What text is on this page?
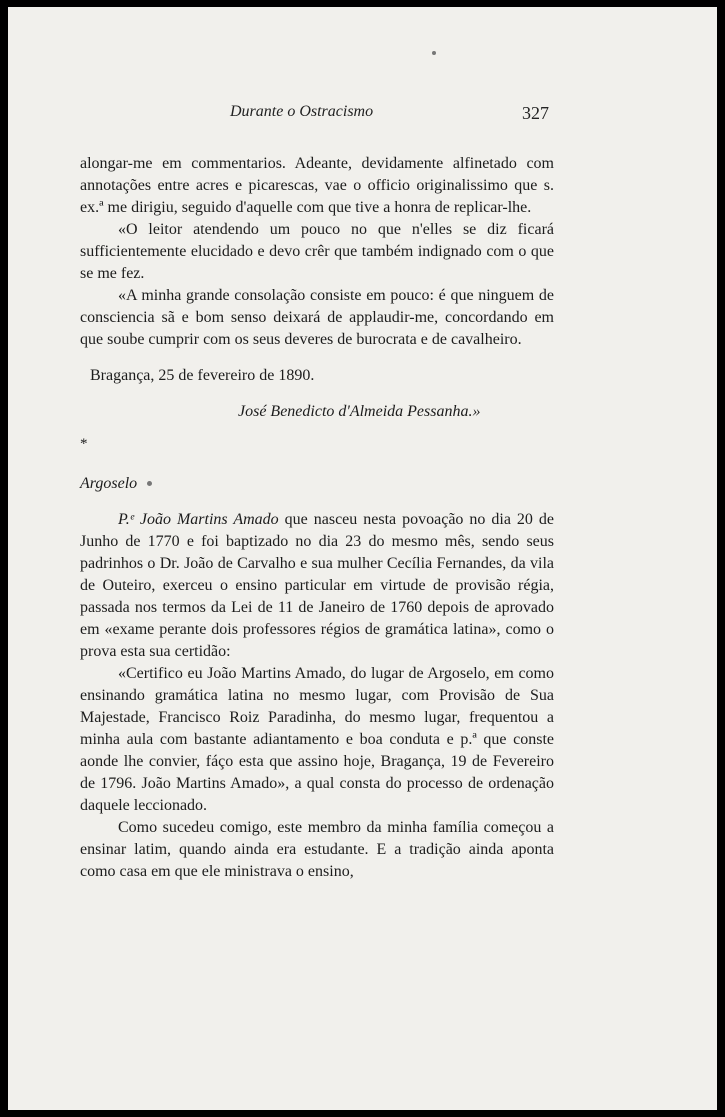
Durante o Ostracismo	327

alongar-me em commentarios. Adeante, devidamente alfinetado com annotações entre acres e picarescas, vae o officio originalissimo que s. ex.ª me dirigiu, seguido d'aquelle com que tive a honra de replicar-lhe.

«O leitor atendendo um pouco no que n'elles se diz ficará sufficientemente elucidado e devo crêr que também indignado com o que se me fez.

«A minha grande consolação consiste em pouco: é que ninguem de consciencia sã e bom senso deixará de applaudir-me, concordando em que soube cumprir com os seus deveres de burocrata e de cavalheiro.

Bragança, 25 de fevereiro de 1890.

José Benedicto d'Almeida Pessanha.»

*

Argoselo

P.ᵉ João Martins Amado que nasceu nesta povoação no dia 20 de Junho de 1770 e foi baptizado no dia 23 do mesmo mês, sendo seus padrinhos o Dr. João de Carvalho e sua mulher Cecília Fernandes, da vila de Outeiro, exerceu o ensino particular em virtude de provisão régia, passada nos termos da Lei de 11 de Janeiro de 1760 depois de aprovado em «exame perante dois professores régios de gramática latina», como o prova esta sua certidão:

«Certifico eu João Martins Amado, do lugar de Argoselo, em como ensinando gramática latina no mesmo lugar, com Provisão de Sua Majestade, Francisco Roiz Paradinha, do mesmo lugar, frequentou a minha aula com bastante adiantamento e boa conduta e p.ª que conste aonde lhe convier, fáço esta que assino hoje, Bragança, 19 de Fevereiro de 1796. João Martins Amado», a qual consta do processo de ordenação daquele leccionado.

Como sucedeu comigo, este membro da minha família começou a ensinar latim, quando ainda era estudante. E a tradição ainda aponta como casa em que ele ministrava o ensino,
